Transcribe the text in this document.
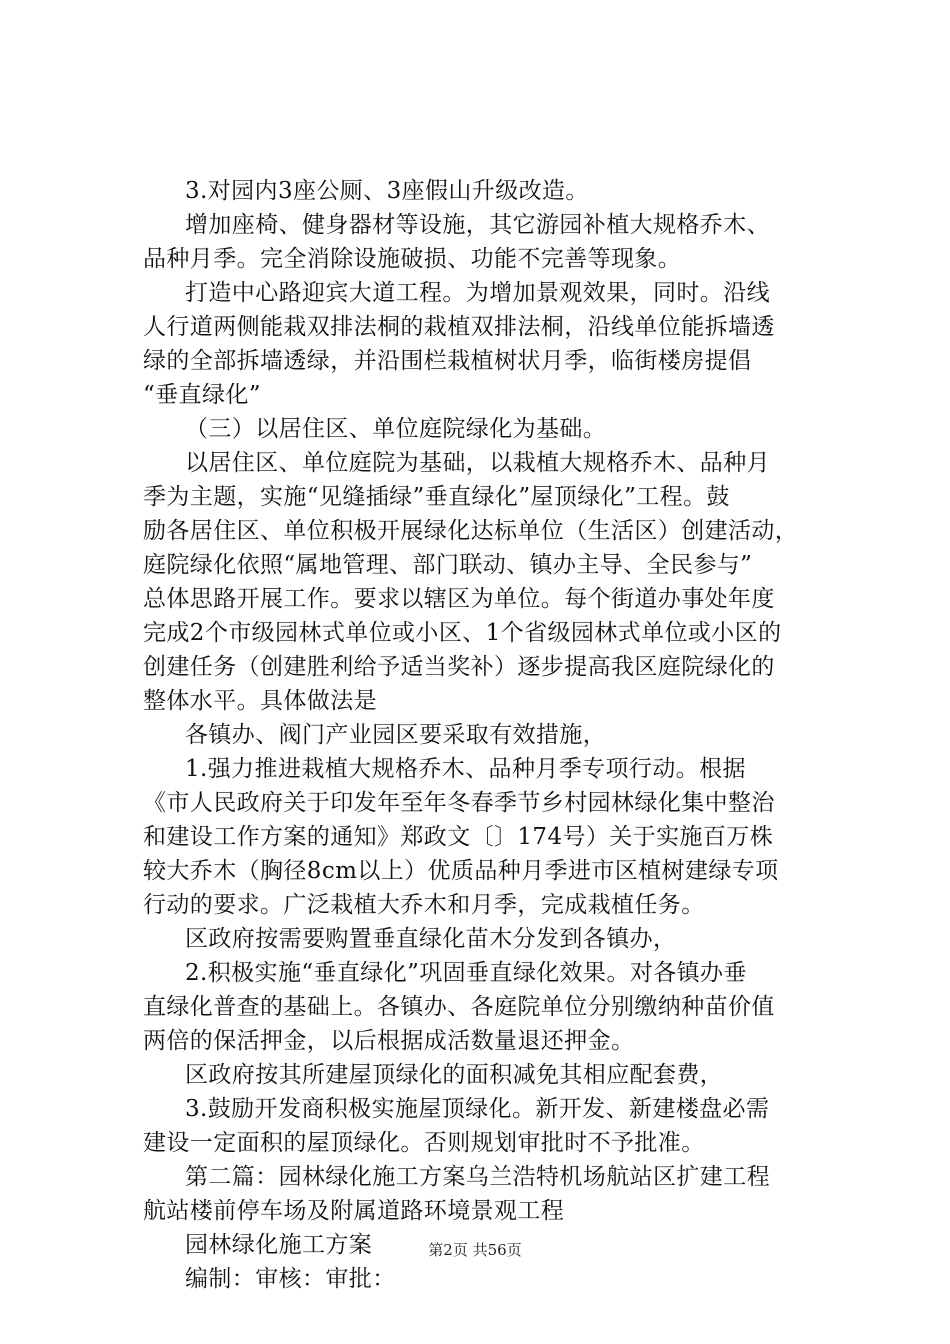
3.对园内3座公厕、3座假山升级改造。
增加座椅、健身器材等设施，其它游园补植大规格乔木、
品种月季。完全消除设施破损、功能不完善等现象。
打造中心路迎宾大道工程。为增加景观效果，同时。沿线
人行道两侧能栽双排法桐的栽植双排法桐，沿线单位能拆墙透
绿的全部拆墙透绿，并沿围栏栽植树状月季，临街楼房提倡
“垂直绿化”
（三）以居住区、单位庭院绿化为基础。
以居住区、单位庭院为基础，以栽植大规格乔木、品种月
季为主题，实施“见缝插绿”垂直绿化”屋顶绿化”工程。鼓
励各居住区、单位积极开展绿化达标单位（生活区）创建活动，
庭院绿化依照“属地管理、部门联动、镇办主导、全民参与”
总体思路开展工作。要求以辖区为单位。每个街道办事处年度
完成2个市级园林式单位或小区、1个省级园林式单位或小区的
创建任务（创建胜利给予适当奖补）逐步提高我区庭院绿化的
整体水平。具体做法是
各镇办、阀门产业园区要采取有效措施，
1.强力推进栽植大规格乔木、品种月季专项行动。根据
《市人民政府关于印发年至年冬春季节乡村园林绿化集中整治
和建设工作方案的通知》郑政文〔〕174号）关于实施百万株
较大乔木（胸径8cm以上）优质品种月季进市区植树建绿专项
行动的要求。广泛栽植大乔木和月季，完成栽植任务。
区政府按需要购置垂直绿化苗木分发到各镇办，
2.积极实施“垂直绿化”巩固垂直绿化效果。对各镇办垂
直绿化普查的基础上。各镇办、各庭院单位分别缴纳种苗价值
两倍的保活押金，以后根据成活数量退还押金。
区政府按其所建屋顶绿化的面积减免其相应配套费，
3.鼓励开发商积极实施屋顶绿化。新开发、新建楼盘必需
建设一定面积的屋顶绿化。否则规划审批时不予批准。
第二篇：园林绿化施工方案乌兰浩特机场航站区扩建工程
航站楼前停车场及附属道路环境景观工程
园林绿化施工方案
编制：审核：审批：
第2页 共56页
